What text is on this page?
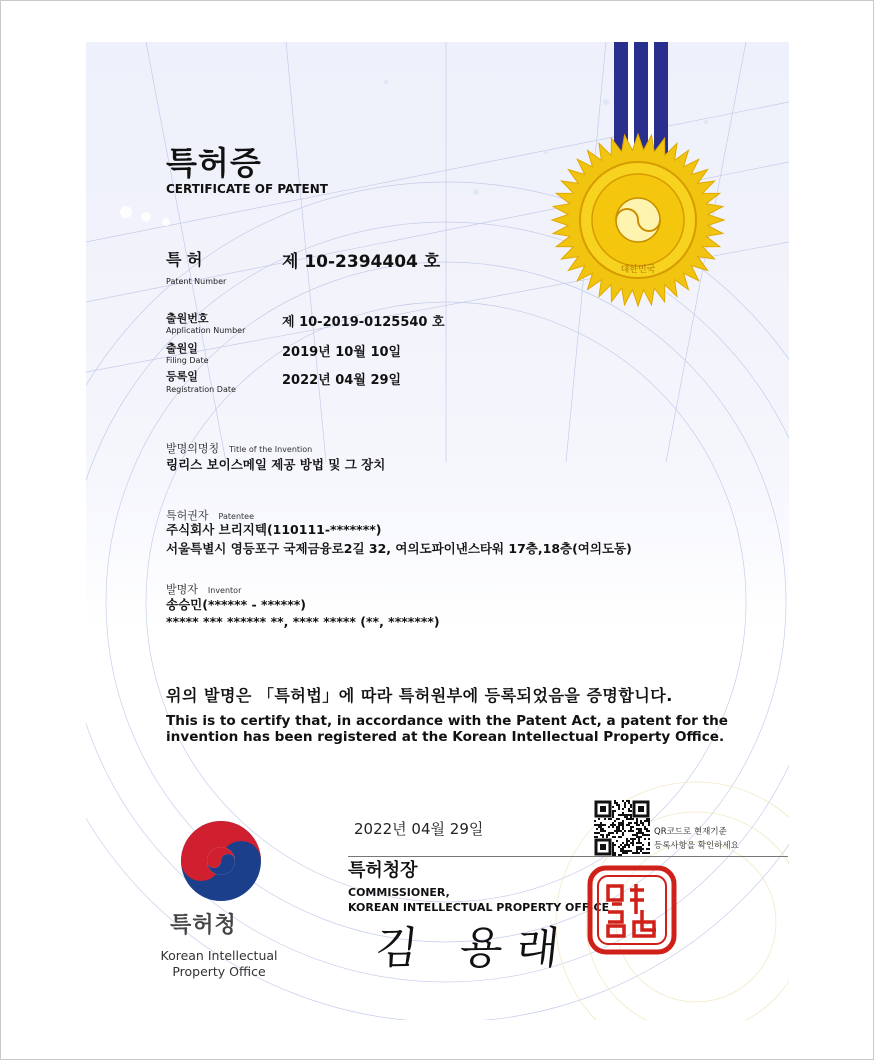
대한민국
특허증
CERTIFICATE OF PATENT
특 허
Patent Number
제 10-2394404 호
출원번호
Application Number
제 10-2019-0125540 호
출원일
Filing Date
2019년 10월 10일
등록일
Registration Date
2022년 04월 29일
발명의명칭 Title of the Invention
링리스 보이스메일 제공 방법 및 그 장치
특허권자 Patentee
주식회사 브리지텍(110111-*******)
서울특별시 영등포구 국제금융로2길 32, 여의도파이낸스타워 17층,18층(여의도동)
발명자 Inventor
송승민(****** - ******)
***** *** ****** **, **** ***** (**, *******)
위의 발명은 「특허법」에 따라 특허원부에 등록되었음을 증명합니다.
This is to certify that, in accordance with the Patent Act, a patent for the invention has been registered at the Korean Intellectual Property Office.
특허청
Korean Intellectual
Property Office
2022년 04월 29일
특허청장
COMMISSIONER,
KOREAN INTELLECTUAL PROPERTY OFFICE
김 용래
QR코드로 현재기준
등록사항을 확인하세요
